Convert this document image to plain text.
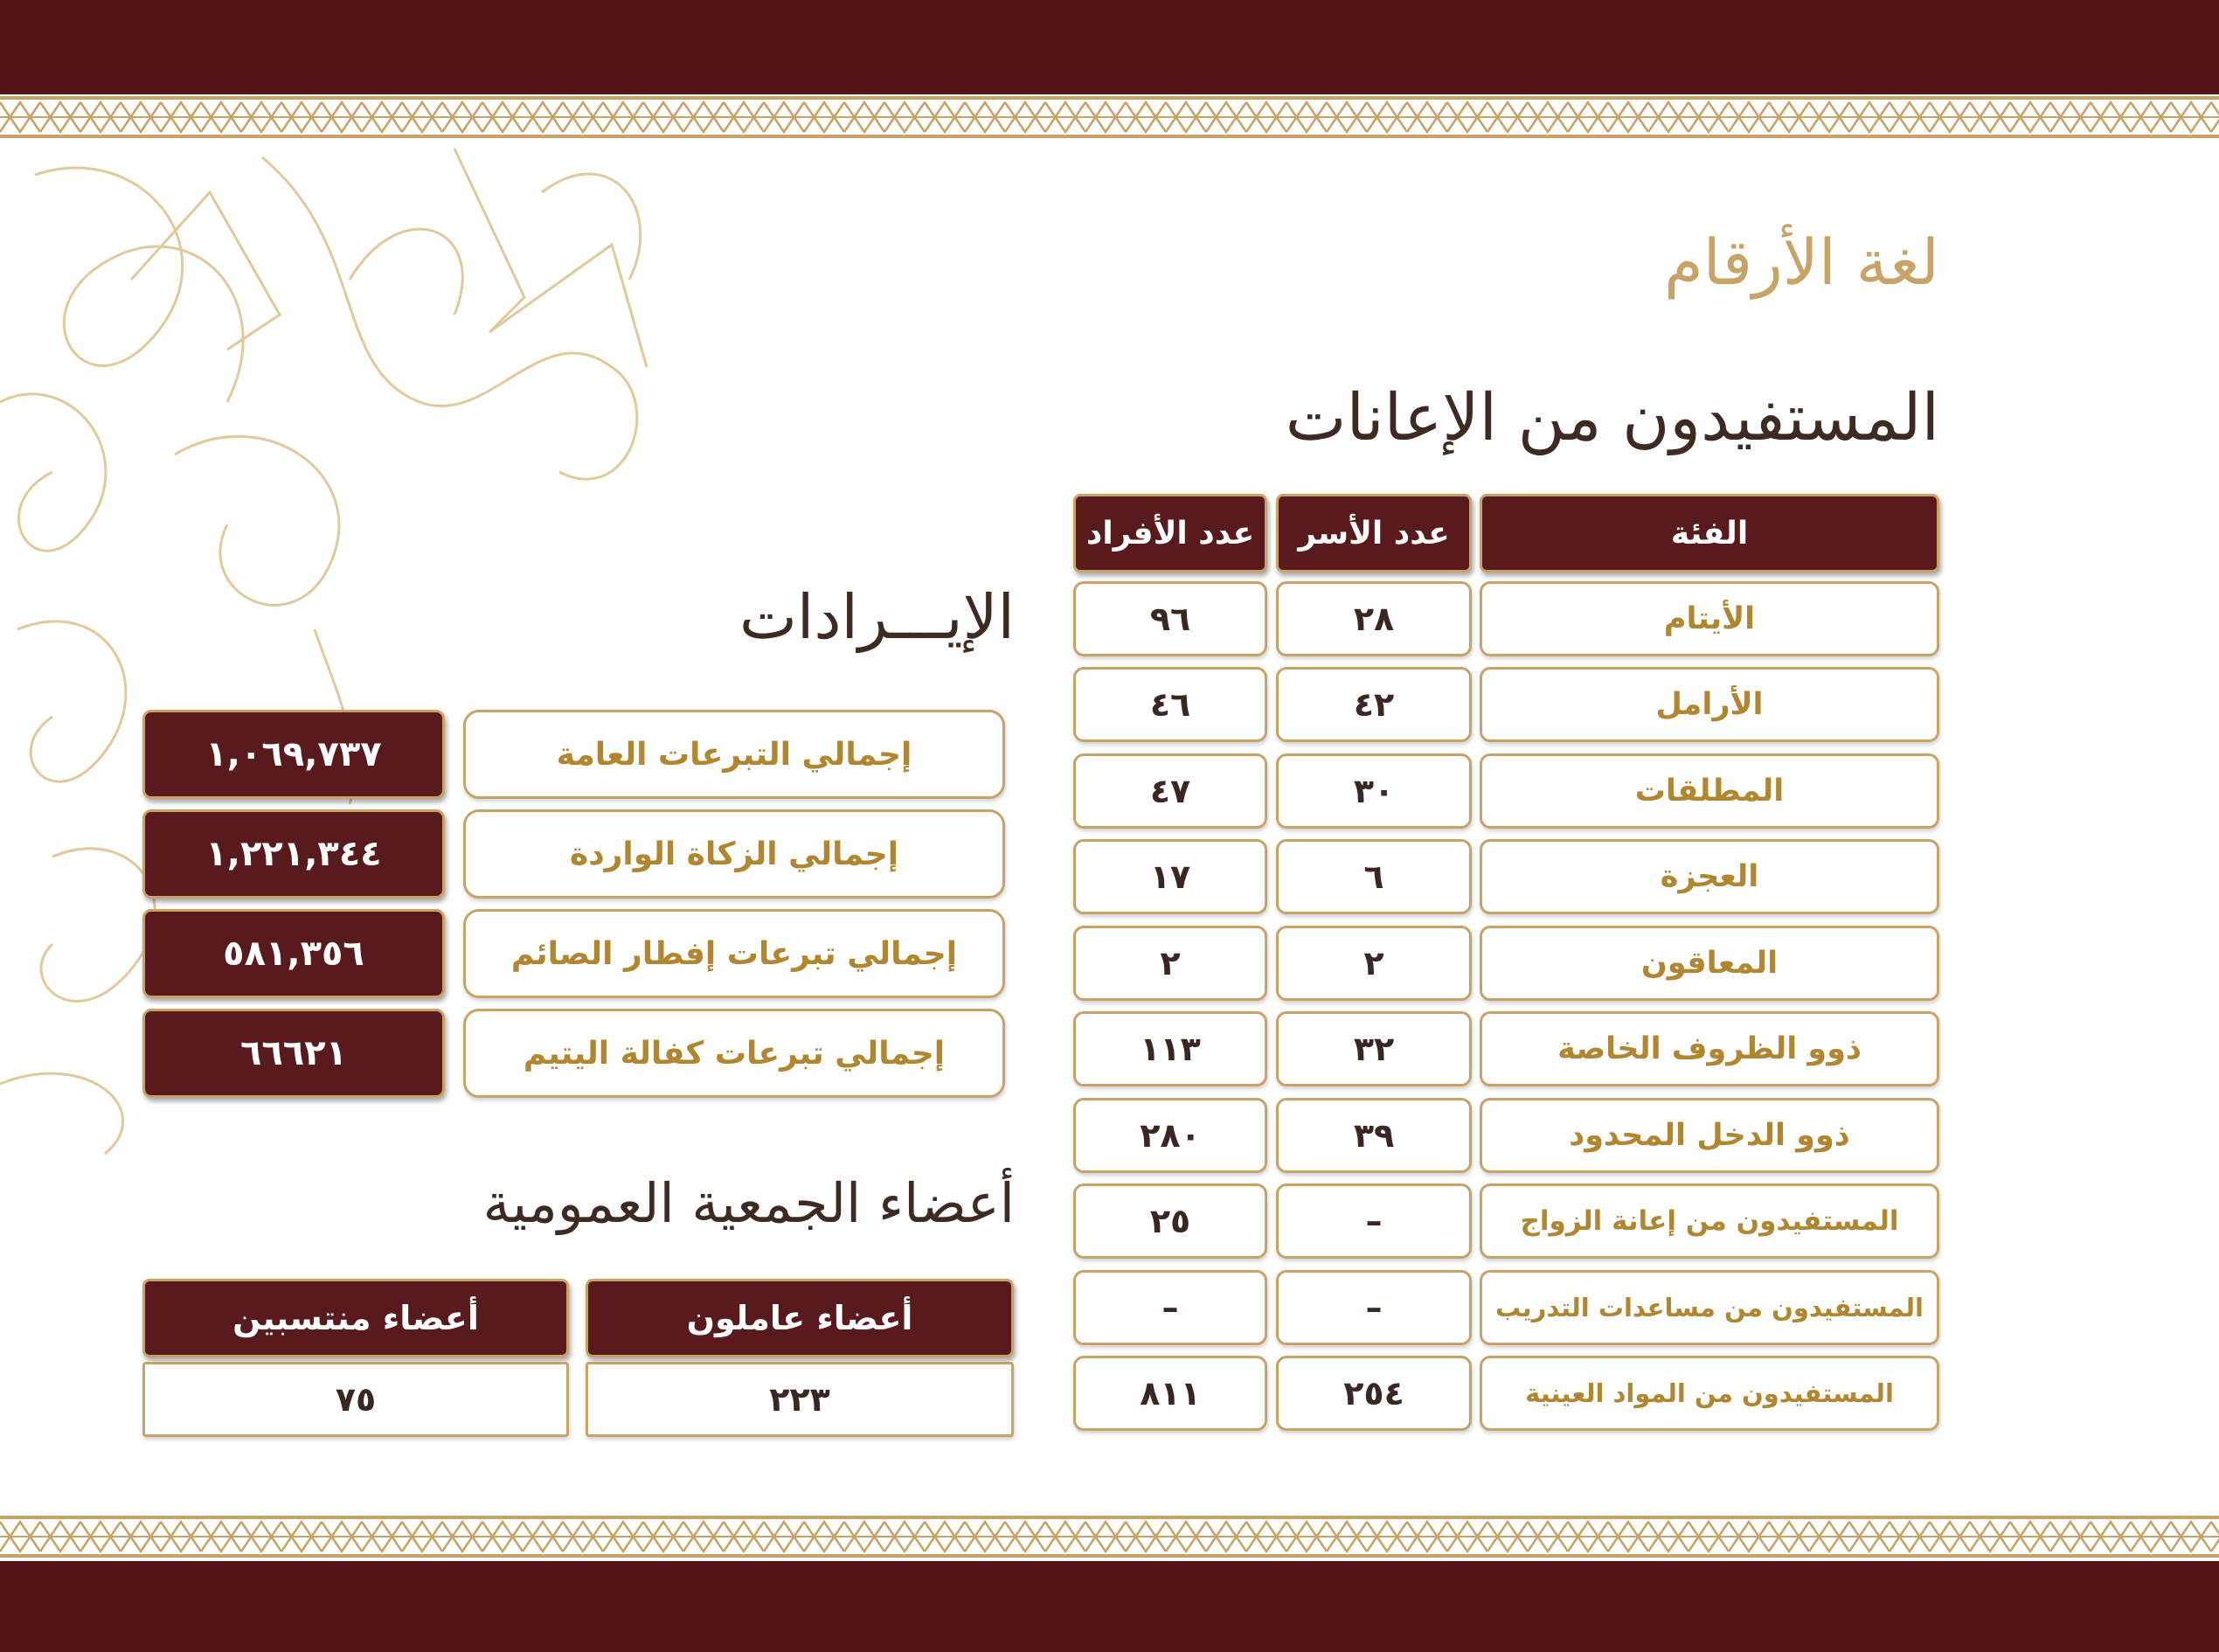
لغة الأرقام
المستفيدون من الإعانات
الإيـــرادات
أعضاء الجمعية العمومية
الفئة
عدد الأسر
عدد الأفراد
الأيتام
٢٨
٩٦
الأرامل
٤٢
٤٦
المطلقات
٣٠
٤٧
العجزة
٦
١٧
المعاقون
٢
٢
ذوو الظروف الخاصة
٣٢
١١٣
ذوو الدخل المحدود
٣٩
٢٨٠
المستفيدون من إعانة الزواج
–
٢٥
المستفيدون من مساعدات التدريب
–
–
المستفيدون من المواد العينية
٢٥٤
٨١١
إجمالي التبرعات العامة
١,٠٦٩,٧٣٧
إجمالي الزكاة الواردة
١,٢٢١,٣٤٤
إجمالي تبرعات إفطار الصائم
٥٨١,٣٥٦
إجمالي تبرعات كفالة اليتيم
٦٦٦٢١
أعضاء عاملون
أعضاء منتسبين
٢٢٣
٧٥
